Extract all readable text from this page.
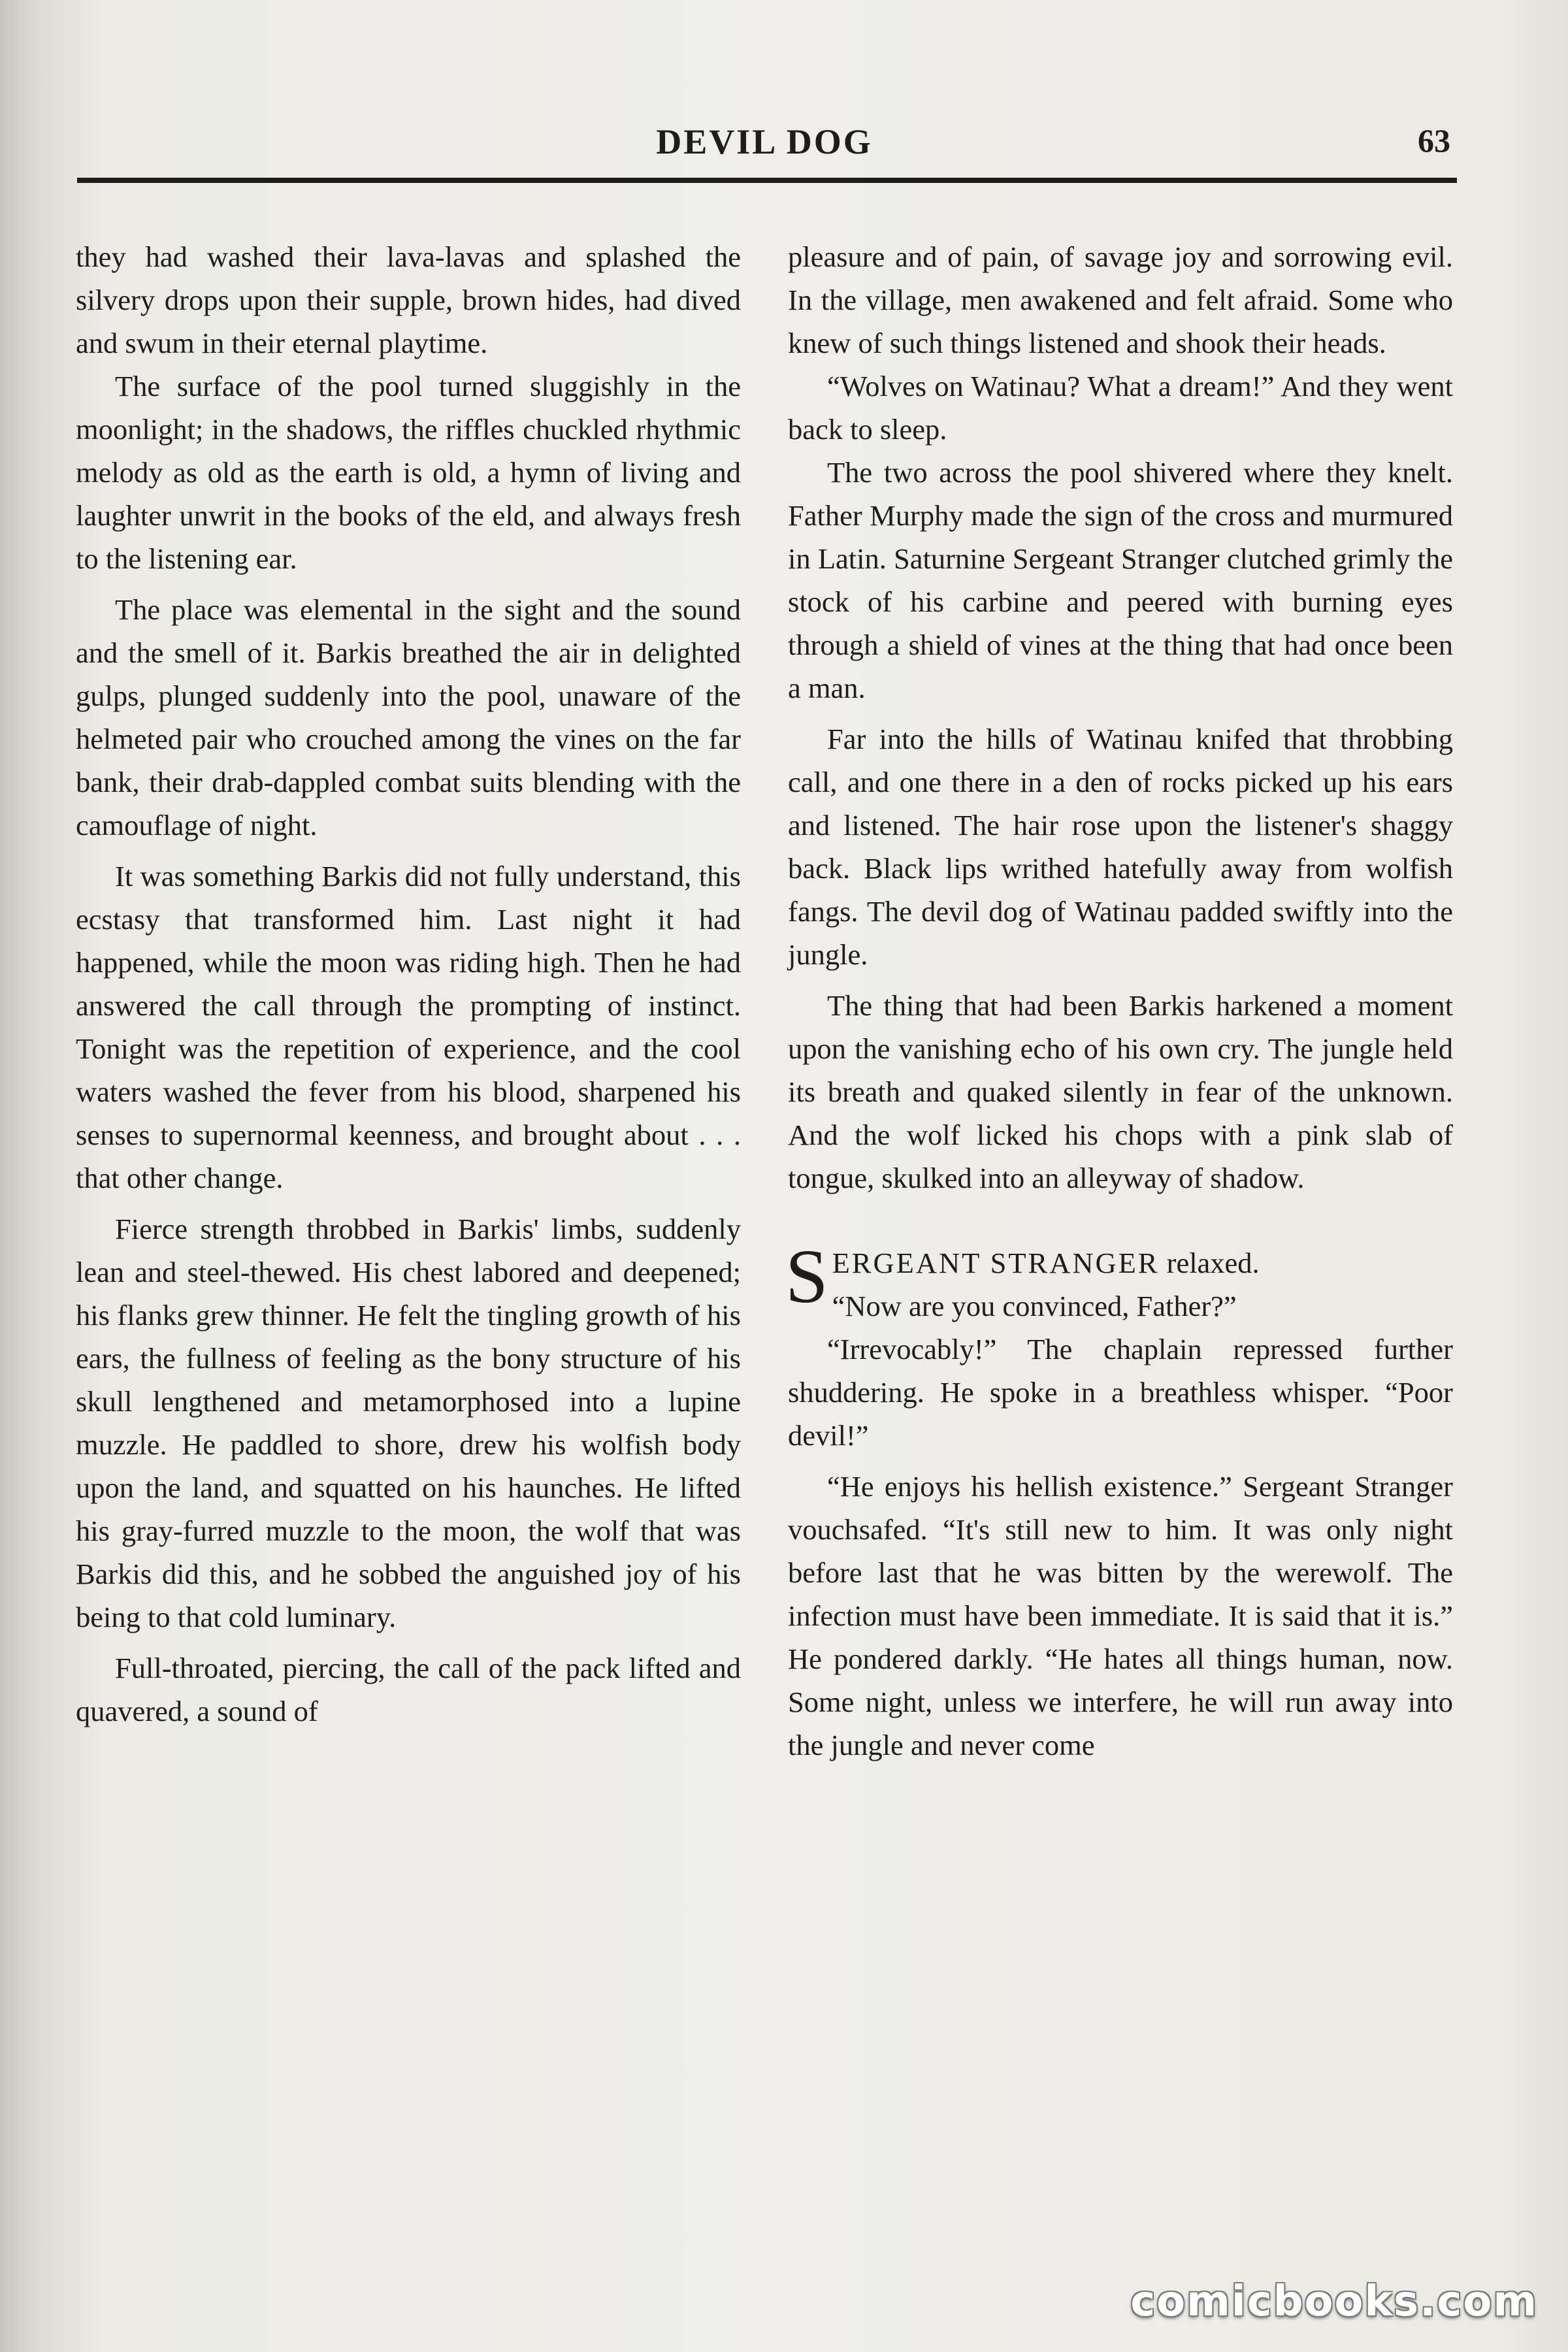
DEVIL DOG	63

they had washed their lava-lavas and splashed the silvery drops upon their supple, brown hides, had dived and swum in their eternal playtime.

The surface of the pool turned sluggishly in the moonlight; in the shadows, the riffles chuckled rhythmic melody as old as the earth is old, a hymn of living and laughter unwrit in the books of the eld, and always fresh to the listening ear.

The place was elemental in the sight and the sound and the smell of it. Barkis breathed the air in delighted gulps, plunged suddenly into the pool, unaware of the helmeted pair who crouched among the vines on the far bank, their drab-dappled combat suits blending with the camouflage of night.

It was something Barkis did not fully understand, this ecstasy that transformed him. Last night it had happened, while the moon was riding high. Then he had answered the call through the prompting of instinct. Tonight was the repetition of experience, and the cool waters washed the fever from his blood, sharpened his senses to supernormal keenness, and brought about . . . that other change.

Fierce strength throbbed in Barkis' limbs, suddenly lean and steel-thewed. His chest labored and deepened; his flanks grew thinner. He felt the tingling growth of his ears, the fullness of feeling as the bony structure of his skull lengthened and metamorphosed into a lupine muzzle. He paddled to shore, drew his wolfish body upon the land, and squatted on his haunches. He lifted his gray-furred muzzle to the moon, the wolf that was Barkis did this, and he sobbed the anguished joy of his being to that cold luminary.

Full-throated, piercing, the call of the pack lifted and quavered, a sound of

pleasure and of pain, of savage joy and sorrowing evil. In the village, men awakened and felt afraid. Some who knew of such things listened and shook their heads.

“Wolves on Watinau? What a dream!” And they went back to sleep.

The two across the pool shivered where they knelt. Father Murphy made the sign of the cross and murmured in Latin. Saturnine Sergeant Stranger clutched grimly the stock of his carbine and peered with burning eyes through a shield of vines at the thing that had once been a man.

Far into the hills of Watinau knifed that throbbing call, and one there in a den of rocks picked up his ears and listened. The hair rose upon the listener's shaggy back. Black lips writhed hatefully away from wolfish fangs. The devil dog of Watinau padded swiftly into the jungle.

The thing that had been Barkis harkened a moment upon the vanishing echo of his own cry. The jungle held its breath and quaked silently in fear of the unknown. And the wolf licked his chops with a pink slab of tongue, skulked into an alleyway of shadow.

SERGEANT STRANGER relaxed.
“Now are you convinced, Father?”

“Irrevocably!” The chaplain repressed further shuddering. He spoke in a breathless whisper. “Poor devil!”

“He enjoys his hellish existence.” Sergeant Stranger vouchsafed. “It's still new to him. It was only night before last that he was bitten by the werewolf. The infection must have been immediate. It is said that it is.” He pondered darkly. “He hates all things human, now. Some night, unless we interfere, he will run away into the jungle and never come

comicbooks.com
